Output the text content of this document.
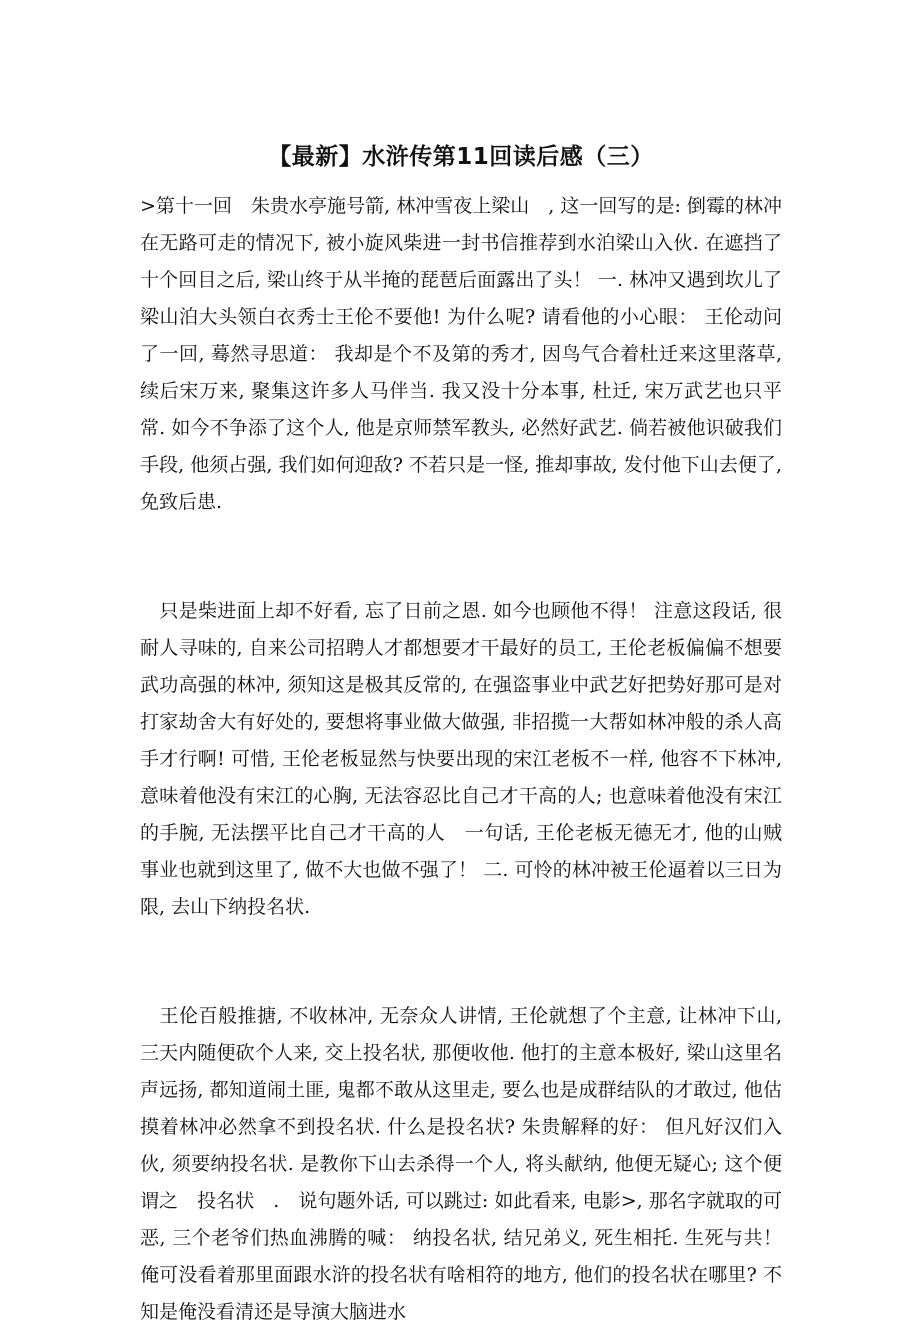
【最新】水浒传第11回读后感（三）

>第十一回　朱贵水亭施号箭, 林冲雪夜上梁山　, 这一回写的是: 倒霉的林冲在无路可走的情况下, 被小旋风柴进一封书信推荐到水泊梁山入伙. 在遮挡了十个回目之后, 梁山终于从半掩的琵琶后面露出了头！ 一. 林冲又遇到坎儿了　梁山泊大头领白衣秀士王伦不要他! 为什么呢? 请看他的小心眼： 王伦动问了一回, 蓦然寻思道： 我却是个不及第的秀才, 因鸟气合着杜迁来这里落草, 续后宋万来, 聚集这许多人马伴当. 我又没十分本事, 杜迁, 宋万武艺也只平常. 如今不争添了这个人, 他是京师禁军教头, 必然好武艺. 倘若被他识破我们手段, 他须占强, 我们如何迎敌? 不若只是一怪, 推却事故, 发付他下山去便了, 免致后患.

　只是柴进面上却不好看, 忘了日前之恩. 如今也顾他不得！ 注意这段话, 很耐人寻味的, 自来公司招聘人才都想要才干最好的员工, 王伦老板偏偏不想要武功高强的林冲, 须知这是极其反常的, 在强盗事业中武艺好把势好那可是对打家劫舍大有好处的, 要想将事业做大做强, 非招揽一大帮如林冲般的杀人高手才行啊! 可惜, 王伦老板显然与快要出现的宋江老板不一样, 他容不下林冲, 意味着他没有宋江的心胸, 无法容忍比自己才干高的人; 也意味着他没有宋江的手腕, 无法摆平比自己才干高的人　一句话, 王伦老板无德无才, 他的山贼事业也就到这里了, 做不大也做不强了！ 二. 可怜的林冲被王伦逼着以三日为限, 去山下纳投名状.

　王伦百般推搪, 不收林冲, 无奈众人讲情, 王伦就想了个主意, 让林冲下山, 三天内随便砍个人来, 交上投名状, 那便收他. 他打的主意本极好, 梁山这里名声远扬, 都知道闹土匪, 鬼都不敢从这里走, 要么也是成群结队的才敢过, 他估摸着林冲必然拿不到投名状. 什么是投名状? 朱贵解释的好： 但凡好汉们入伙, 须要纳投名状. 是教你下山去杀得一个人, 将头献纳, 他便无疑心; 这个便谓之　投名状　.　说句题外话, 可以跳过: 如此看来, 电影>, 那名字就取的可恶, 三个老爷们热血沸腾的喊： 纳投名状, 结兄弟义, 死生相托. 生死与共！ 俺可没看着那里面跟水浒的投名状有啥相符的地方, 他们的投名状在哪里? 不知是俺没看清还是导演大脑进水
